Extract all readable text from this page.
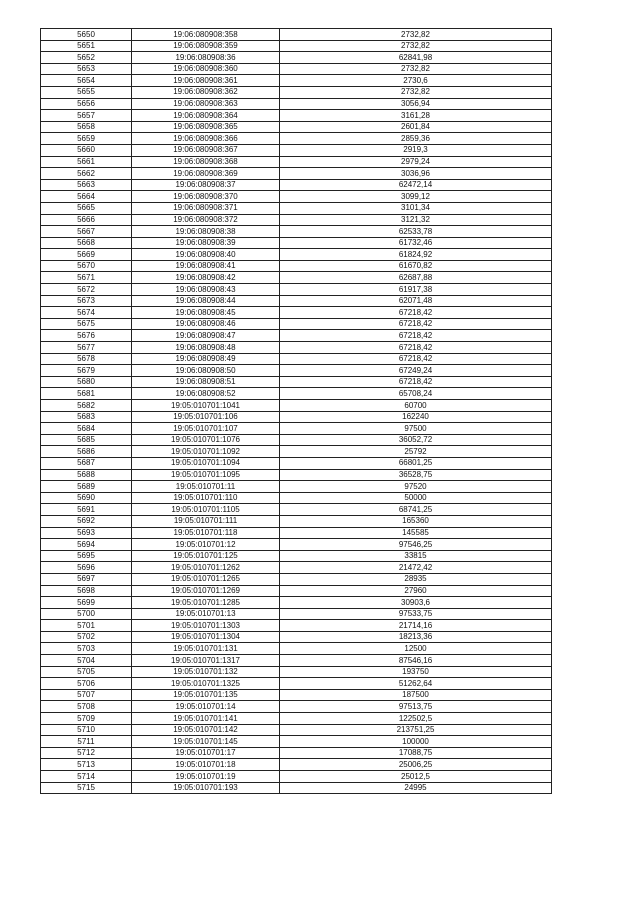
5650	19:06:080908:358	2732,82
5651	19:06:080908:359	2732,82
5652	19:06:080908:36	62841,98
5653	19:06:080908:360	2732,82
5654	19:06:080908:361	2730,6
5655	19:06:080908:362	2732,82
5656	19:06:080908:363	3056,94
5657	19:06:080908:364	3161,28
5658	19:06:080908:365	2601,84
5659	19:06:080908:366	2859,36
5660	19:06:080908:367	2919,3
5661	19:06:080908:368	2979,24
5662	19:06:080908:369	3036,96
5663	19:06:080908:37	62472,14
5664	19:06:080908:370	3099,12
5665	19:06:080908:371	3101,34
5666	19:06:080908:372	3121,32
5667	19:06:080908:38	62533,78
5668	19:06:080908:39	61732,46
5669	19:06:080908:40	61824,92
5670	19:06:080908:41	61670,82
5671	19:06:080908:42	62687,88
5672	19:06:080908:43	61917,38
5673	19:06:080908:44	62071,48
5674	19:06:080908:45	67218,42
5675	19:06:080908:46	67218,42
5676	19:06:080908:47	67218,42
5677	19:06:080908:48	67218,42
5678	19:06:080908:49	67218,42
5679	19:06:080908:50	67249,24
5680	19:06:080908:51	67218,42
5681	19:06:080908:52	65708,24
5682	19:05:010701:1041	60700
5683	19:05:010701:106	162240
5684	19:05:010701:107	97500
5685	19:05:010701:1076	36052,72
5686	19:05:010701:1092	25792
5687	19:05:010701:1094	66801,25
5688	19:05:010701:1095	36528,75
5689	19:05:010701:11	97520
5690	19:05:010701:110	50000
5691	19:05:010701:1105	68741,25
5692	19:05:010701:111	165360
5693	19:05:010701:118	145585
5694	19:05:010701:12	97546,25
5695	19:05:010701:125	33815
5696	19:05:010701:1262	21472,42
5697	19:05:010701:1265	28935
5698	19:05:010701:1269	27960
5699	19:05:010701:1285	30903,6
5700	19:05:010701:13	97533,75
5701	19:05:010701:1303	21714,16
5702	19:05:010701:1304	18213,36
5703	19:05:010701:131	12500
5704	19:05:010701:1317	87546,16
5705	19:05:010701:132	193750
5706	19:05:010701:1325	51262,64
5707	19:05:010701:135	187500
5708	19:05:010701:14	97513,75
5709	19:05:010701:141	122502,5
5710	19:05:010701:142	213751,25
5711	19:05:010701:145	100000
5712	19:05:010701:17	17088,75
5713	19:05:010701:18	25006,25
5714	19:05:010701:19	25012,5
5715	19:05:010701:193	24995
